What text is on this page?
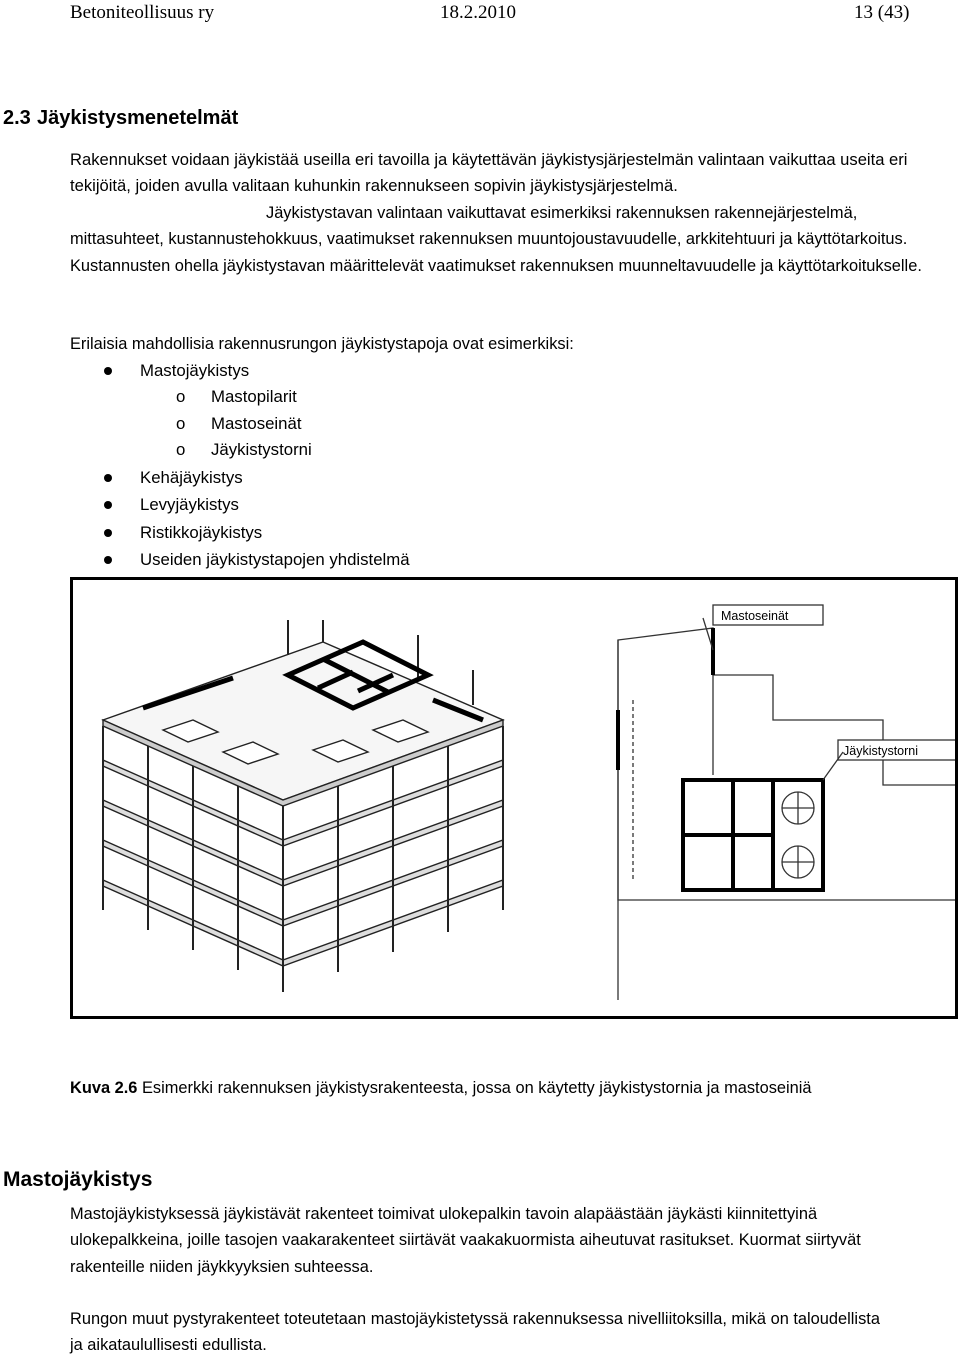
Betoniteollisuus ry	18.2.2010	13 (43)
2.3 Jäykistysmenetelmät
Rakennukset voidaan jäykistää useilla eri tavoilla ja käytettävän jäykistysjärjestelmän valintaan vaikuttaa useita eri tekijöitä, joiden avulla valitaan kuhunkin rakennukseen sopivin jäykistysjärjestelmä.
Jäykistystavan valintaan vaikuttavat esimerkiksi rakennuksen rakennejärjestelmä, mittasuhteet, kustannustehokkuus, vaatimukset rakennuksen muuntojoustavuudelle, arkkitehtuuri ja käyttötarkoitus. Kustannusten ohella jäykistystavan määrittelevät vaatimukset rakennuksen muunneltavuudelle ja käyttötarkoitukselle.
Erilaisia mahdollisia rakennusrungon jäykistystapoja ovat esimerkiksi:
Mastojäykistys
o Mastopilarit
o Mastoseinät
o Jäykistystorni
Kehäjäykistys
Levyjäykistys
Ristikkojäykistys
Useiden jäykistystapojen yhdistelmä
Mastoseinät
Jäykistystorni
Kuva 2.6 Esimerkki rakennuksen jäykistysrakenteesta, jossa on käytetty jäykistystornia ja mastoseiniä
Mastojäykistys
Mastojäykistyksessä jäykistävät rakenteet toimivat ulokepalkin tavoin alapäästään jäykästi kiinnitettyinä ulokepalkkeina, joille tasojen vaakarakenteet siirtävät vaakakuormista aiheutuvat rasitukset. Kuormat siirtyvät rakenteille niiden jäykkyyksien suhteessa.
Rungon muut pystyrakenteet toteutetaan mastojäykistetyssä rakennuksessa nivelliitoksilla, mikä on taloudellista ja aikataulullisesti edullista.
